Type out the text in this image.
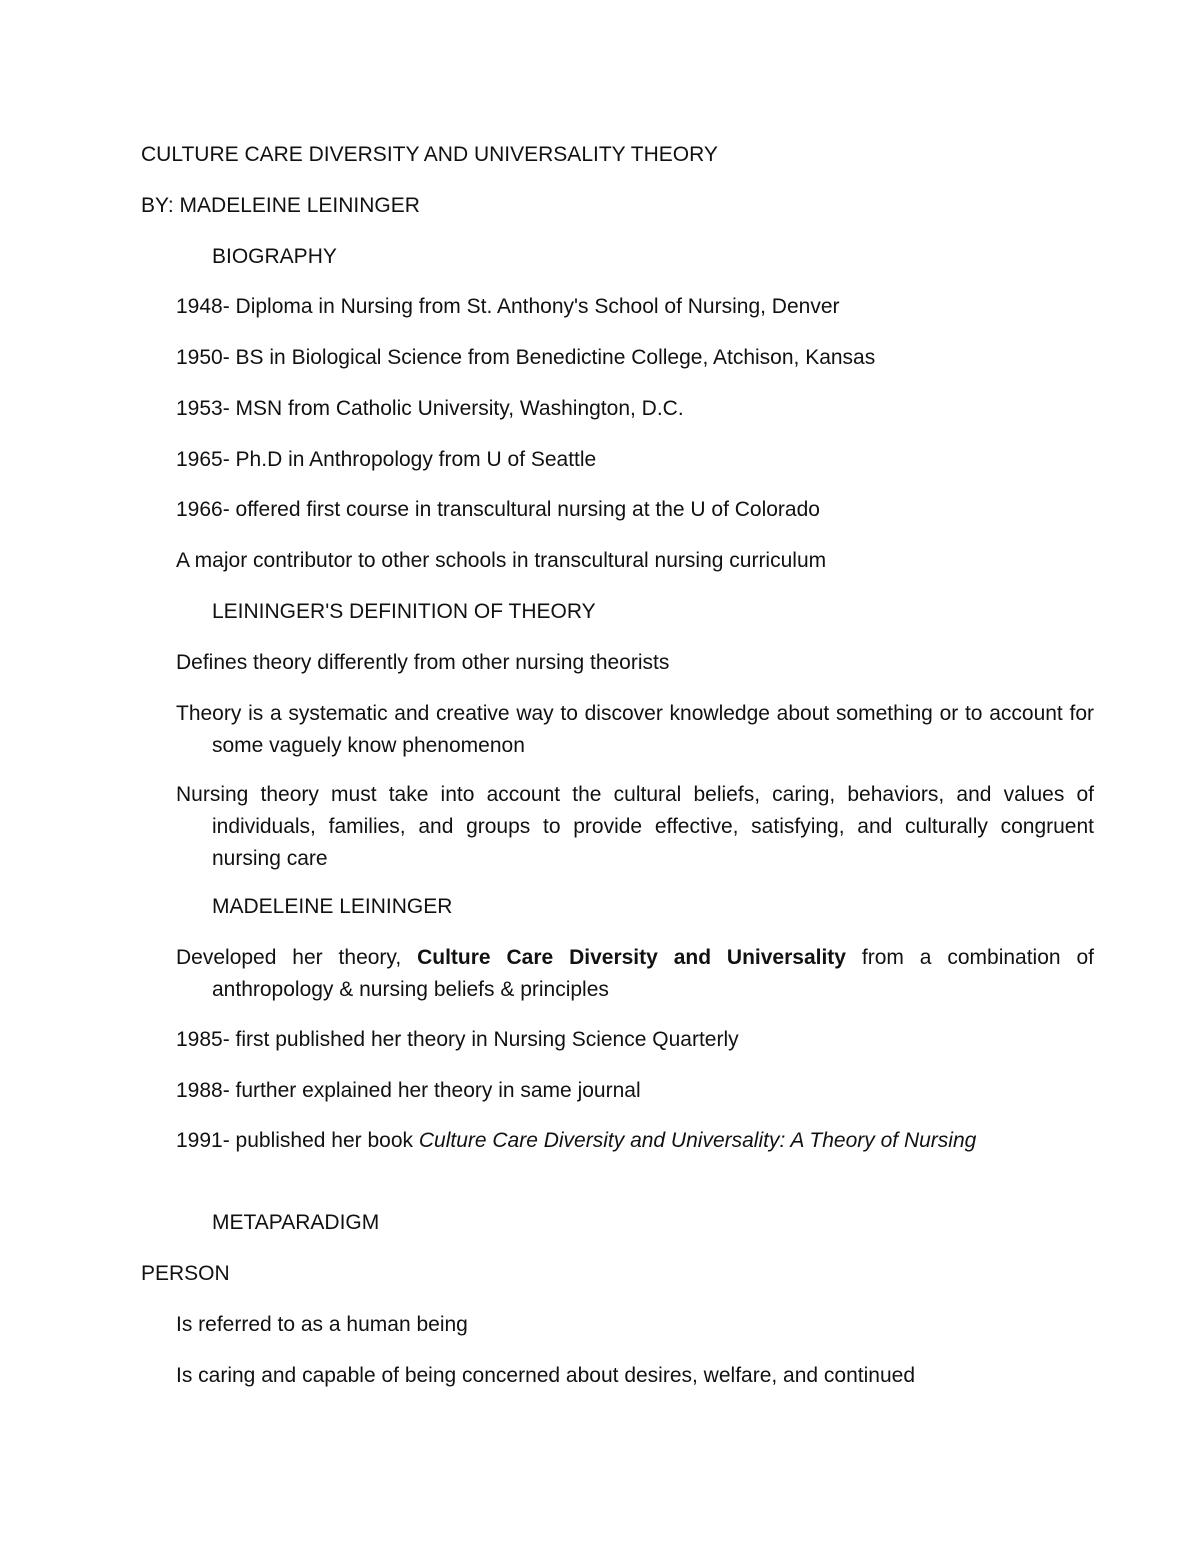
CULTURE CARE DIVERSITY AND UNIVERSALITY THEORY
BY: MADELEINE LEININGER
BIOGRAPHY
1948- Diploma in Nursing from St. Anthony's School of Nursing, Denver
1950- BS in Biological Science from Benedictine College, Atchison, Kansas
1953- MSN from Catholic University, Washington, D.C.
1965- Ph.D in Anthropology from U of Seattle
1966- offered first course in transcultural nursing at the U of Colorado
A major contributor to other schools in transcultural nursing curriculum
LEININGER'S DEFINITION OF THEORY
Defines theory differently from other nursing theorists
Theory is a systematic and creative way to discover knowledge about something or to account for some vaguely know phenomenon
Nursing theory must take into account the cultural beliefs, caring, behaviors, and values of individuals, families, and groups to provide effective, satisfying, and culturally congruent nursing care
MADELEINE LEININGER
Developed her theory, Culture Care Diversity and Universality from a combination of anthropology & nursing beliefs & principles
1985- first published her theory in Nursing Science Quarterly
1988- further explained her theory in same journal
1991- published her book Culture Care Diversity and Universality: A Theory of Nursing
METAPARADIGM
PERSON
Is referred to as a human being
Is caring and capable of being concerned about desires, welfare, and continued
